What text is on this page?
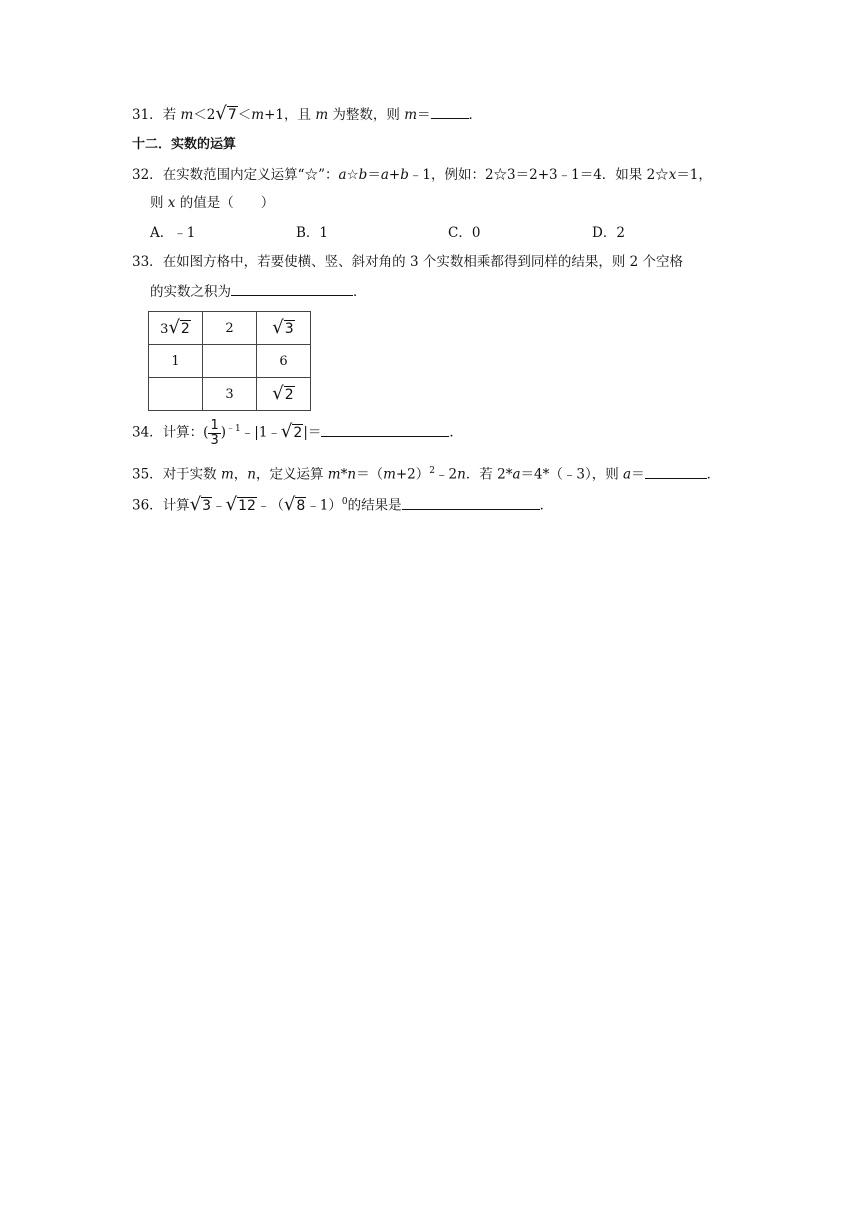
31．若 m＜2√7＜m+1，且 m 为整数，则 m＝	．
十二．实数的运算
32．在实数范围内定义运算“☆”：a☆b＝a+b﹣1，例如：2☆3＝2+3﹣1＝4．如果 2☆x＝1，
则 x 的值是（　　）
A．﹣1	B．1	C．0	D．2
33．在如图方格中，若要使横、竖、斜对角的 3 个实数相乘都得到同样的结果，则 2 个空格
的实数之积为	．
3√2	2	√3
1		6
	3	√2
34．计算：( $\frac{1}{3}$ )$^{﹣1}$﹣|1﹣√2|＝	．
35．对于实数 m，n，定义运算 $m*n=(m+2)^2﹣2n$．若 2*a＝4*（﹣3），则 a＝	．
36．计算√3﹣√12﹣（√8﹣1）$^0$的结果是	．
